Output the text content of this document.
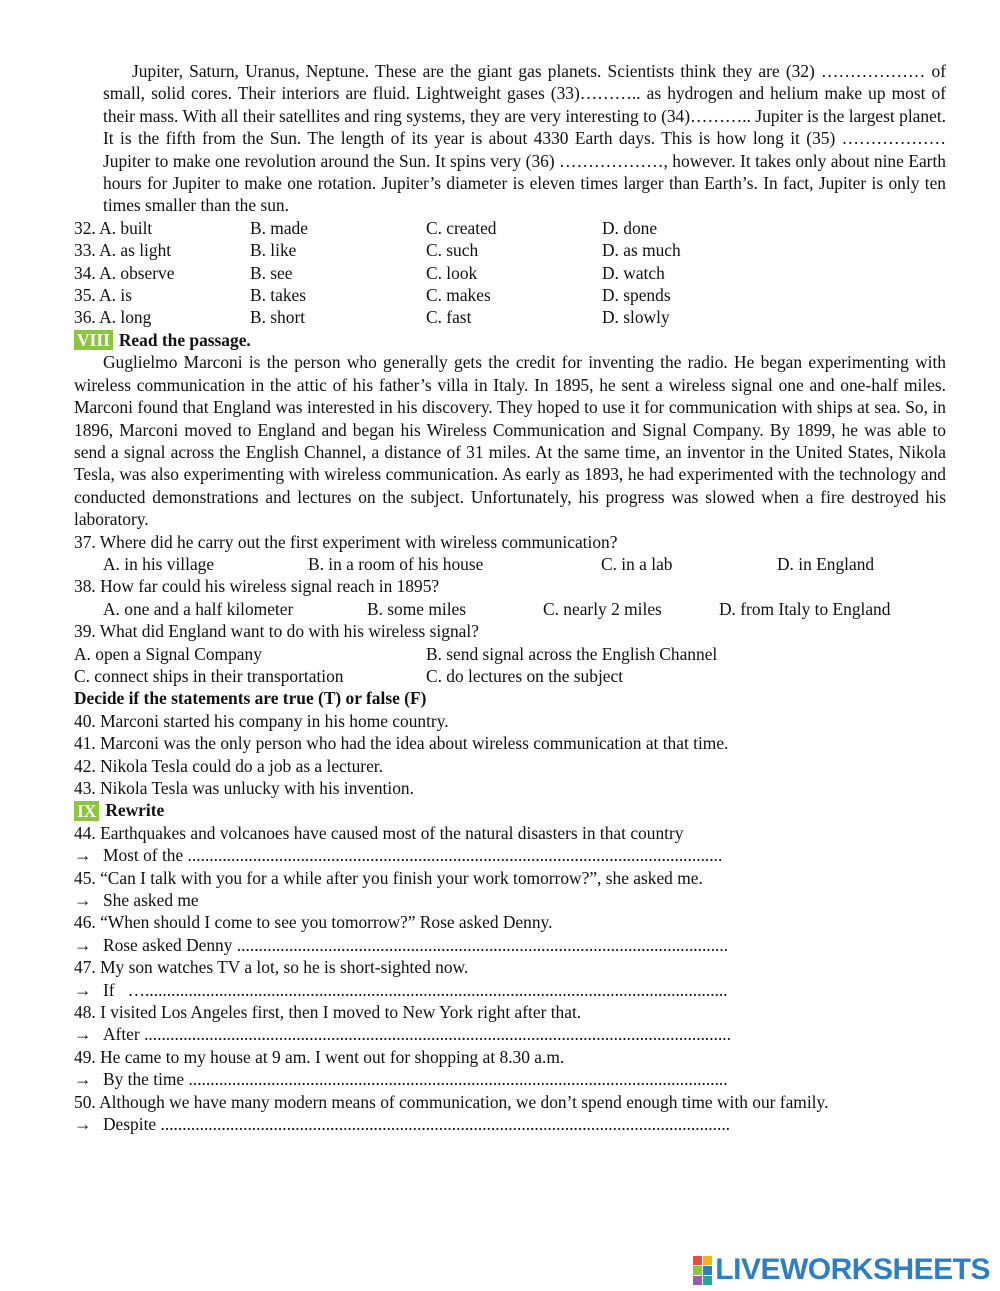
Jupiter, Saturn, Uranus, Neptune. These are the giant gas planets. Scientists think they are (32) ……………… of small, solid cores. Their interiors are fluid. Lightweight gases (33)……….. as hydrogen and helium make up most of their mass. With all their satellites and ring systems, they are very interesting to (34)……….. Jupiter is the largest planet. It is the fifth from the Sun. The length of its year is about 4330 Earth days. This is how long it (35) ……………… Jupiter to make one revolution around the Sun. It spins very (36) ………………, however. It takes only about nine Earth hours for Jupiter to make one rotation. Jupiter’s diameter is eleven times larger than Earth’s. In fact, Jupiter is only ten times smaller than the sun.
32. A. built	B. made	C. created	D. done
33. A. as light	B. like	C. such	D. as much
34. A. observe	B. see	C. look	D. watch
35. A. is	B. takes	C. makes	D. spends
36. A. long	B. short	C. fast	D. slowly
VIII Read the passage.
Guglielmo Marconi is the person who generally gets the credit for inventing the radio. He began experimenting with wireless communication in the attic of his father’s villa in Italy. In 1895, he sent a wireless signal one and one-half miles. Marconi found that England was interested in his discovery. They hoped to use it for communication with ships at sea. So, in 1896, Marconi moved to England and began his Wireless Communication and Signal Company. By 1899, he was able to send a signal across the English Channel, a distance of 31 miles. At the same time, an inventor in the United States, Nikola Tesla, was also experimenting with wireless communication. As early as 1893, he had experimented with the technology and conducted demonstrations and lectures on the subject. Unfortunately, his progress was slowed when a fire destroyed his laboratory.
37. Where did he carry out the first experiment with wireless communication?
A. in his village	B. in a room of his house	C. in a lab	D. in England
38. How far could his wireless signal reach in 1895?
A. one and a half kilometer	B. some miles	C. nearly 2 miles	D. from Italy to England
39. What did England want to do with his wireless signal?
A. open a Signal Company	B. send signal across the English Channel
C. connect ships in their transportation	C. do lectures on the subject
Decide if the statements are true (T) or false (F)
40. Marconi started his company in his home country.
41. Marconi was the only person who had the idea about wireless communication at that time.
42. Nikola Tesla could do a job as a lecturer.
43. Nikola Tesla was unlucky with his invention.
IX Rewrite
44. Earthquakes and volcanoes have caused most of the natural disasters in that country
→ Most of the
...........................................................................................................................
45. “Can I talk with you for a while after you finish your work tomorrow?”, she asked me.
→ She asked me
46. “When should I come to see you tomorrow?” Rose asked Denny.
→ Rose asked Denny
.................................................................................................................
47. My son watches TV a lot, so he is short-sighted now.
→ If
…......................................................................................................................................
48. I visited Los Angeles first, then I moved to New York right after that.
→ After
.......................................................................................................................................
49. He came to my house at 9 am. I went out for shopping at 8.30 a.m.
→ By the time
............................................................................................................................
50. Although we have many modern means of communication, we don’t spend enough time with our family.
→ Despite
...................................................................................................................................
LIVEWORKSHEETS
